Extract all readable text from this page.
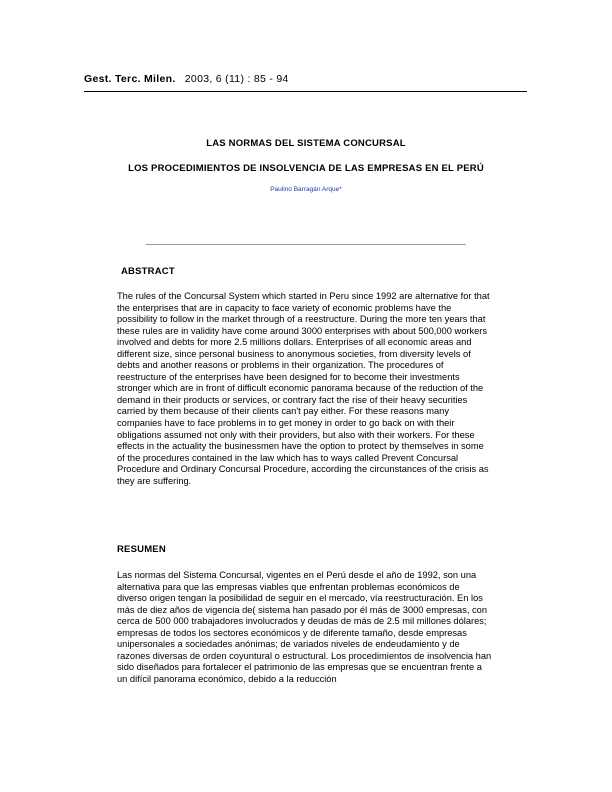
Gest. Terc. Milen. 2003, 6 (11) : 85 - 94
LAS NORMAS DEL SISTEMA CONCURSAL
LOS PROCEDIMIENTOS DE INSOLVENCIA DE LAS EMPRESAS EN EL PERÚ
Paulino Barragán Arque*
ABSTRACT
The rules of the Concursal System which started in Peru since 1992 are alternative for that the enterprises that are in capacity to face variety of economic problems have the possibility to follow in the market through of a reestructure. During the more ten years that these rules are in validity have come around 3000 enterprises with about 500,000 workers involved and debts for more 2.5 millions dollars. Enterprises of all economic areas and different size, since personal business to anonymous societies, from diversity levels of debts and another reasons or problems in their organization. The procedures of reestructure of the enterprises have been designed for to become their investments stronger which are in front of difficult economic panorama because of the reduction of the demand in their products or services, or contrary fact the rise of their heavy securities carried by them because of their clients can't pay either. For these reasons many companies have to face problems in to get money in order to go back on with their obligations assumed not only with their providers, but also with their workers. For these effects in the actuality the businessmen have the option to protect by themselves in some of the procedures contained in the law which has to ways called Prevent Concursal Procedure and Ordinary Concursal Procedure, according the circunstances of the crisis as they are suffering.
RESUMEN
Las normas del Sistema Concursal, vigentes en el Perú desde el año de 1992, son una alternativa para que las empresas viables que enfrentan problemas económicos de diverso origen tengan la posibilidad de seguir en el mercado, vía reestructuración. En los más de diez años de vigencia de( sistema han pasado por él más de 3000 empresas, con cerca de 500 000 trabajadores involucrados y deudas de más de 2.5 mil millones dólares; empresas de todos los sectores económicos y de diferente tamaño, desde empresas unipersonales a sociedades anónimas; de variados niveles de endeudamiento y de razones diversas de orden coyuntural o estructural. Los procedimientos de insolvencia han sido diseñados para fortalecer el patrimonio de las empresas que se encuentran frente a un difícil panorama económico, debido a la reducción
